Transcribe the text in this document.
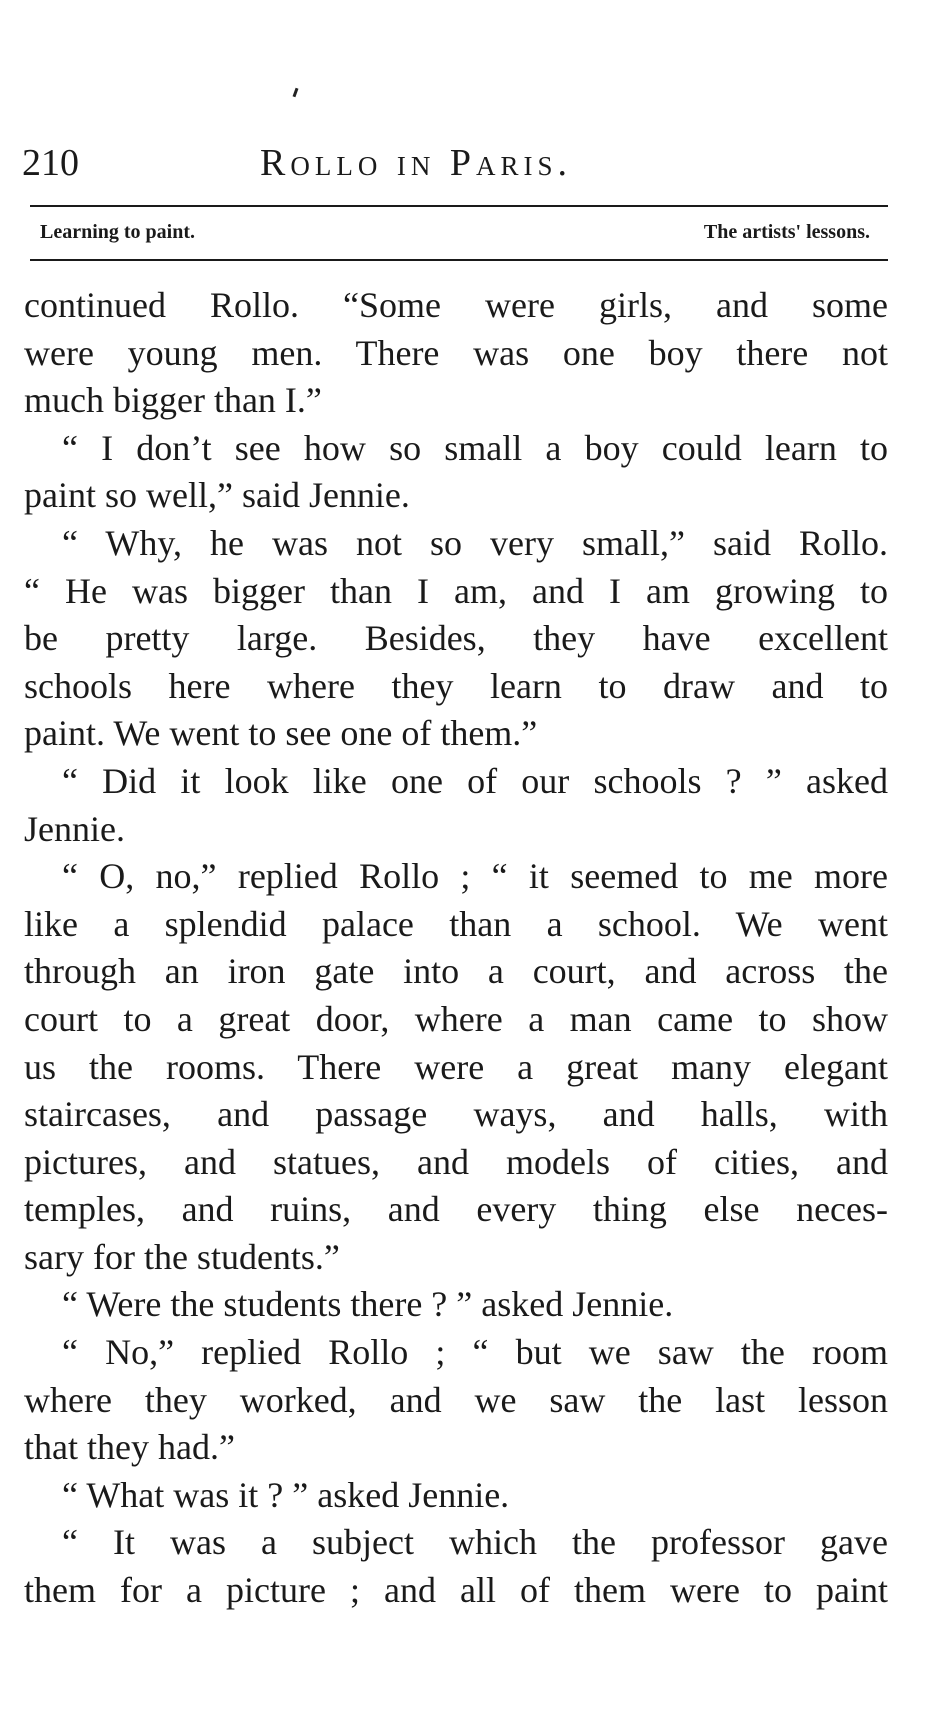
210	Rollo in Paris.
Learning to paint.	The artists' lessons.
continued Rollo. “Some were girls, and some
were young men. There was one boy there not
much bigger than I.”
“ I don’t see how so small a boy could learn to
paint so well,” said Jennie.
“ Why, he was not so very small,” said Rollo.
“ He was bigger than I am, and I am growing to
be pretty large. Besides, they have excellent
schools here where they learn to draw and to
paint. We went to see one of them.”
“ Did it look like one of our schools ? ” asked
Jennie.
“ O, no,” replied Rollo ; “ it seemed to me more
like a splendid palace than a school. We went
through an iron gate into a court, and across the
court to a great door, where a man came to show
us the rooms. There were a great many elegant
staircases, and passage ways, and halls, with
pictures, and statues, and models of cities, and
temples, and ruins, and every thing else neces-
sary for the students.”
“ Were the students there ? ” asked Jennie.
“ No,” replied Rollo ; “ but we saw the room
where they worked, and we saw the last lesson
that they had.”
“ What was it ? ” asked Jennie.
“ It was a subject which the professor gave
them for a picture ; and all of them were to paint
